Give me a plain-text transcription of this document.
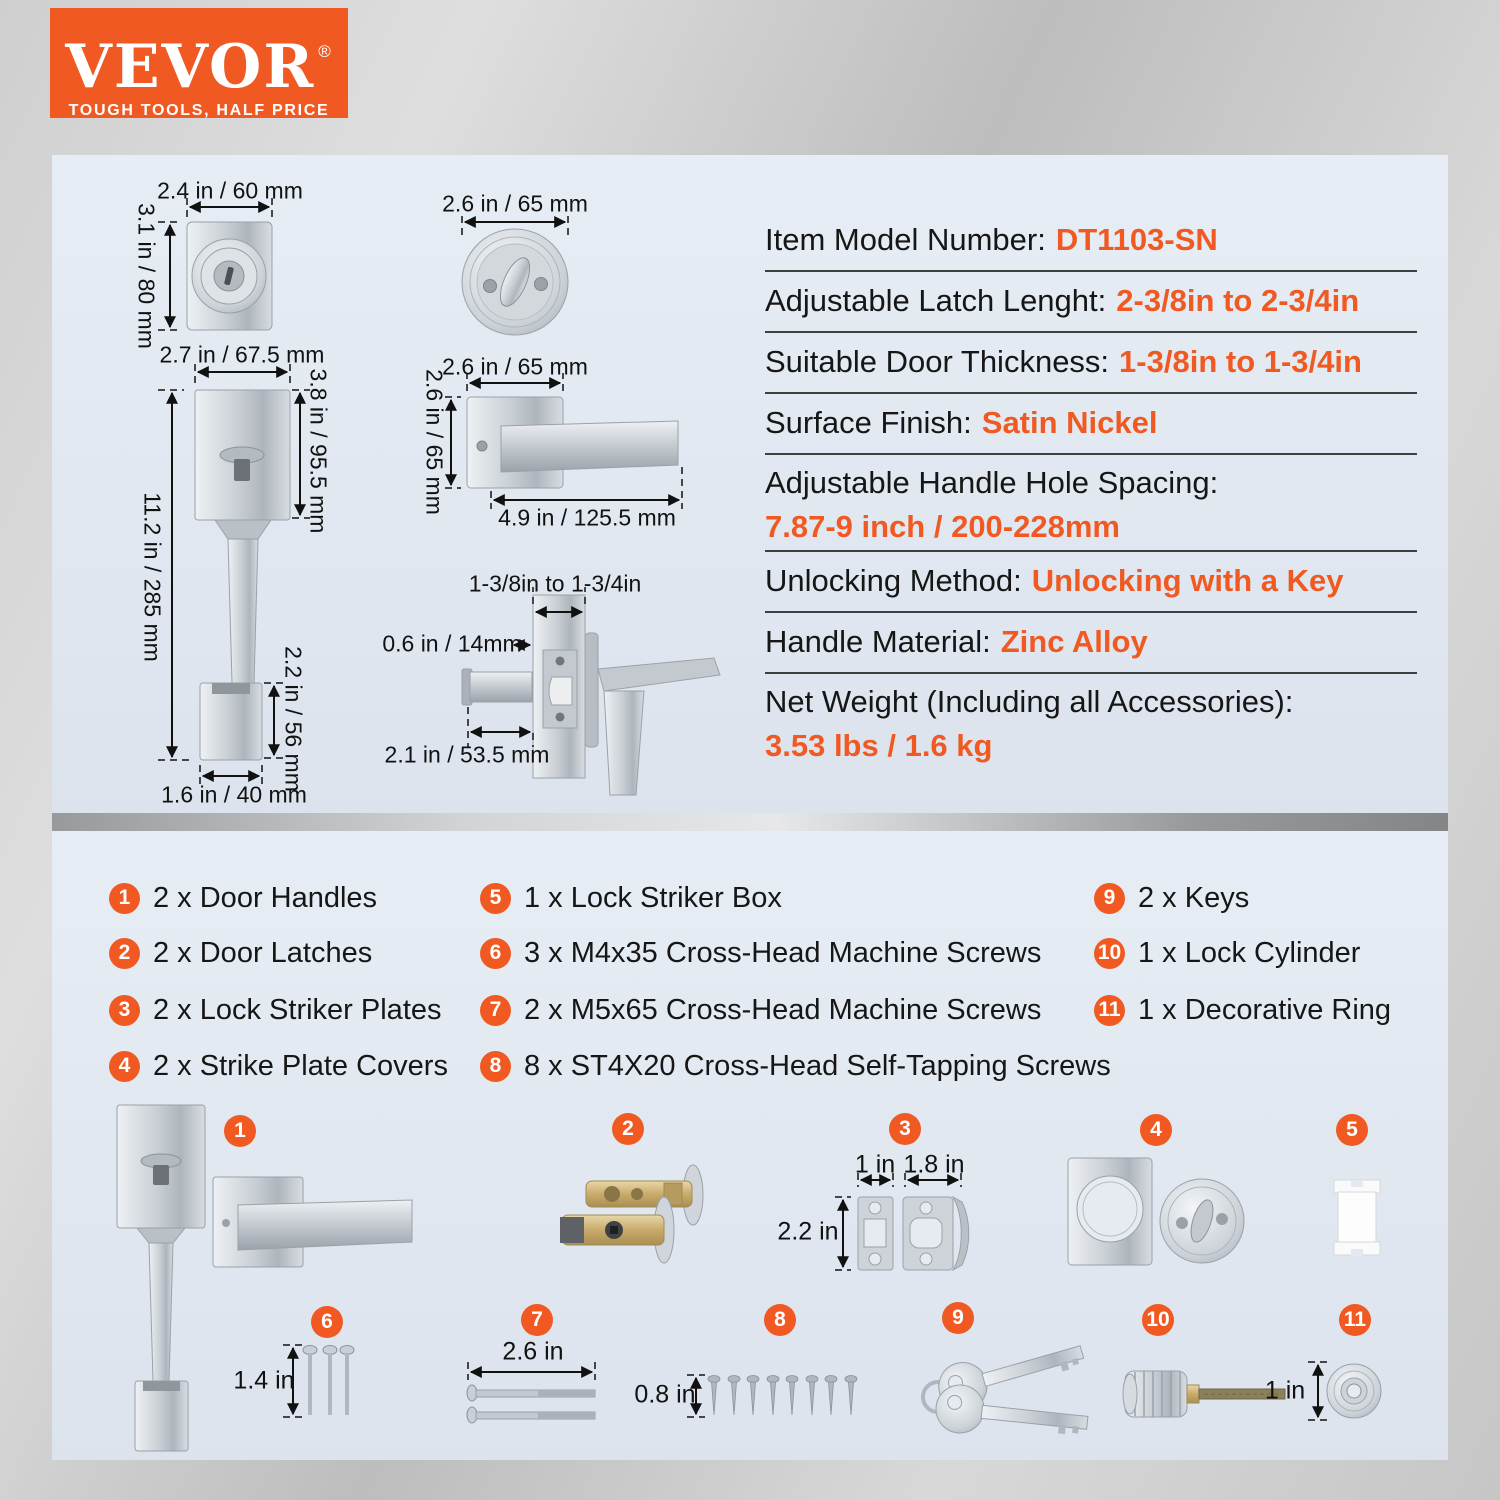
VEVOR ®
TOUGH TOOLS, HALF PRICE
2.4 in / 60 mm
3.1 in / 80 mm
2.7 in / 67.5 mm
3.8 in / 95.5 mm
11.2 in / 285 mm
2.2 in / 56 mm
1.6 in / 40 mm
2.6 in / 65 mm
2.6 in / 65 mm
2.6 in / 65 mm
4.9 in / 125.5 mm
1-3/8in to 1-3/4in
0.6 in / 14mm
2.1 in / 53.5 mm
Item Model Number: DT1103-SN
Adjustable Latch Lenght: 2-3/8in to 2-3/4in
Suitable Door Thickness: 1-3/8in to 1-3/4in
Surface Finish: Satin Nickel
Adjustable Handle Hole Spacing:
7.87-9 inch / 200-228mm
Unlocking Method: Unlocking with a Key
Handle Material: Zinc Alloy
Net Weight (Including all Accessories):
3.53 lbs / 1.6 kg
1 2 x Door Handles
2 2 x Door Latches
3 2 x Lock Striker Plates
4 2 x Strike Plate Covers
5 1 x Lock Striker Box
6 3 x M4x35 Cross-Head Machine Screws
7 2 x M5x65 Cross-Head Machine Screws
8 8 x ST4X20 Cross-Head Self-Tapping Screws
9 2 x Keys
10 1 x Lock Cylinder
11 1 x Decorative Ring
1	2	3	4	5
6	7	8	9	10	11
1 in 1.8 in
2.2 in
1.4 in
2.6 in
0.8 in	1 in
